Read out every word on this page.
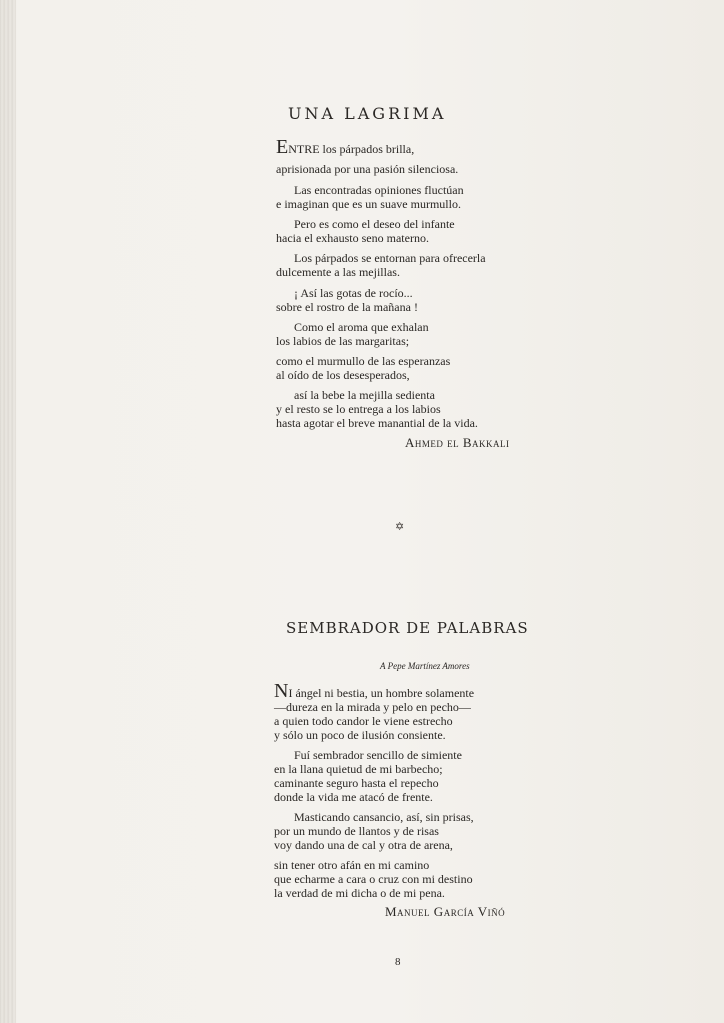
UNA LAGRIMA
ENTRE los párpados brilla,
aprisionada por una pasión silenciosa.
Las encontradas opiniones fluctúan
e imaginan que es un suave murmullo.
Pero es como el deseo del infante
hacia el exhausto seno materno.
Los párpados se entornan para ofrecerla
dulcemente a las mejillas.
¡ Así las gotas de rocío...
sobre el rostro de la mañana !
Como el aroma que exhalan
los labios de las margaritas;
como el murmullo de las esperanzas
al oído de los desesperados,
así la bebe la mejilla sedienta
y el resto se lo entrega a los labios
hasta agotar el breve manantial de la vida.
Ahmed el Bakkali
✡
SEMBRADOR DE PALABRAS
A Pepe Martínez Amores
NI ángel ni bestia, un hombre solamente
—dureza en la mirada y pelo en pecho—
a quien todo candor le viene estrecho
y sólo un poco de ilusión consiente.
Fuí sembrador sencillo de simiente
en la llana quietud de mi barbecho;
caminante seguro hasta el repecho
donde la vida me atacó de frente.
Masticando cansancio, así, sin prisas,
por un mundo de llantos y de risas
voy dando una de cal y otra de arena,
sin tener otro afán en mi camino
que echarme a cara o cruz con mi destino
la verdad de mi dicha o de mi pena.
Manuel García Viñó
8
